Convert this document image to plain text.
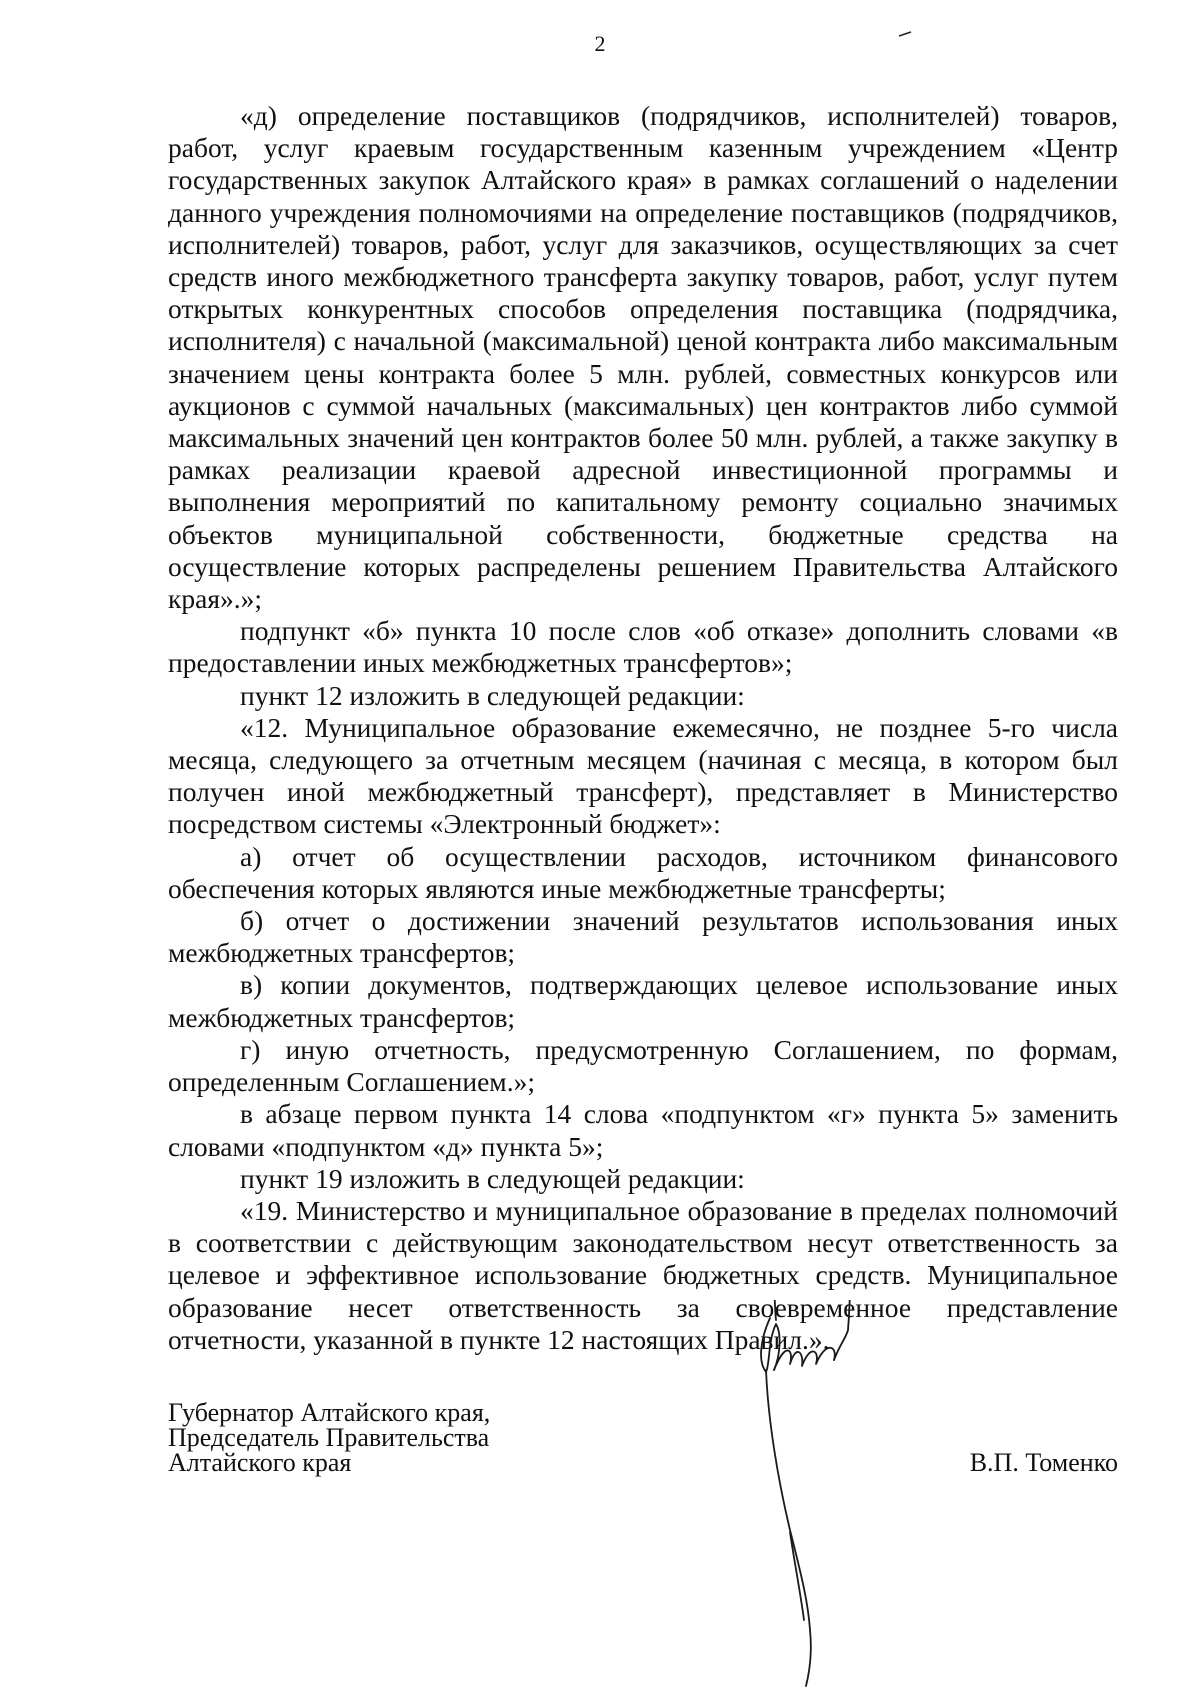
2

«д) определение поставщиков (подрядчиков, исполнителей) товаров, работ, услуг краевым государственным казенным учреждением «Центр государственных закупок Алтайского края» в рамках соглашений о наделении данного учреждения полномочиями на определение поставщиков (подрядчиков, исполнителей) товаров, работ, услуг для заказчиков, осуществляющих за счет средств иного межбюджетного трансферта закупку товаров, работ, услуг путем открытых конкурентных способов определения поставщика (подрядчика, исполнителя) с начальной (максимальной) ценой контракта либо максимальным значением цены контракта более 5 млн. рублей, совместных конкурсов или аукционов с суммой начальных (максимальных) цен контрактов либо суммой максимальных значений цен контрактов более 50 млн. рублей, а также закупку в рамках реализации краевой адресной инвестиционной программы и выполнения мероприятий по капитальному ремонту социально значимых объектов муниципальной собственности, бюджетные средства на осуществление которых распределены решением Правительства Алтайского края».»;

подпункт «б» пункта 10 после слов «об отказе» дополнить словами «в предоставлении иных межбюджетных трансфертов»;

пункт 12 изложить в следующей редакции:

«12. Муниципальное образование ежемесячно, не позднее 5-го числа месяца, следующего за отчетным месяцем (начиная с месяца, в котором был получен иной межбюджетный трансферт), представляет в Министерство посредством системы «Электронный бюджет»:

а) отчет об осуществлении расходов, источником финансового обеспечения которых являются иные межбюджетные трансферты;

б) отчет о достижении значений результатов использования иных межбюджетных трансфертов;

в) копии документов, подтверждающих целевое использование иных межбюджетных трансфертов;

г) иную отчетность, предусмотренную Соглашением, по формам, определенным Соглашением.»;

в абзаце первом пункта 14 слова «подпунктом «г» пункта 5» заменить словами «подпунктом «д» пункта 5»;

пункт 19 изложить в следующей редакции:

«19. Министерство и муниципальное образование в пределах полномочий в соответствии с действующим законодательством несут ответственность за целевое и эффективное использование бюджетных средств. Муниципальное образование несет ответственность за своевременное представление отчетности, указанной в пункте 12 настоящих Правил.».

Губернатор Алтайского края,
Председатель Правительства
Алтайского края	В.П. Томенко
